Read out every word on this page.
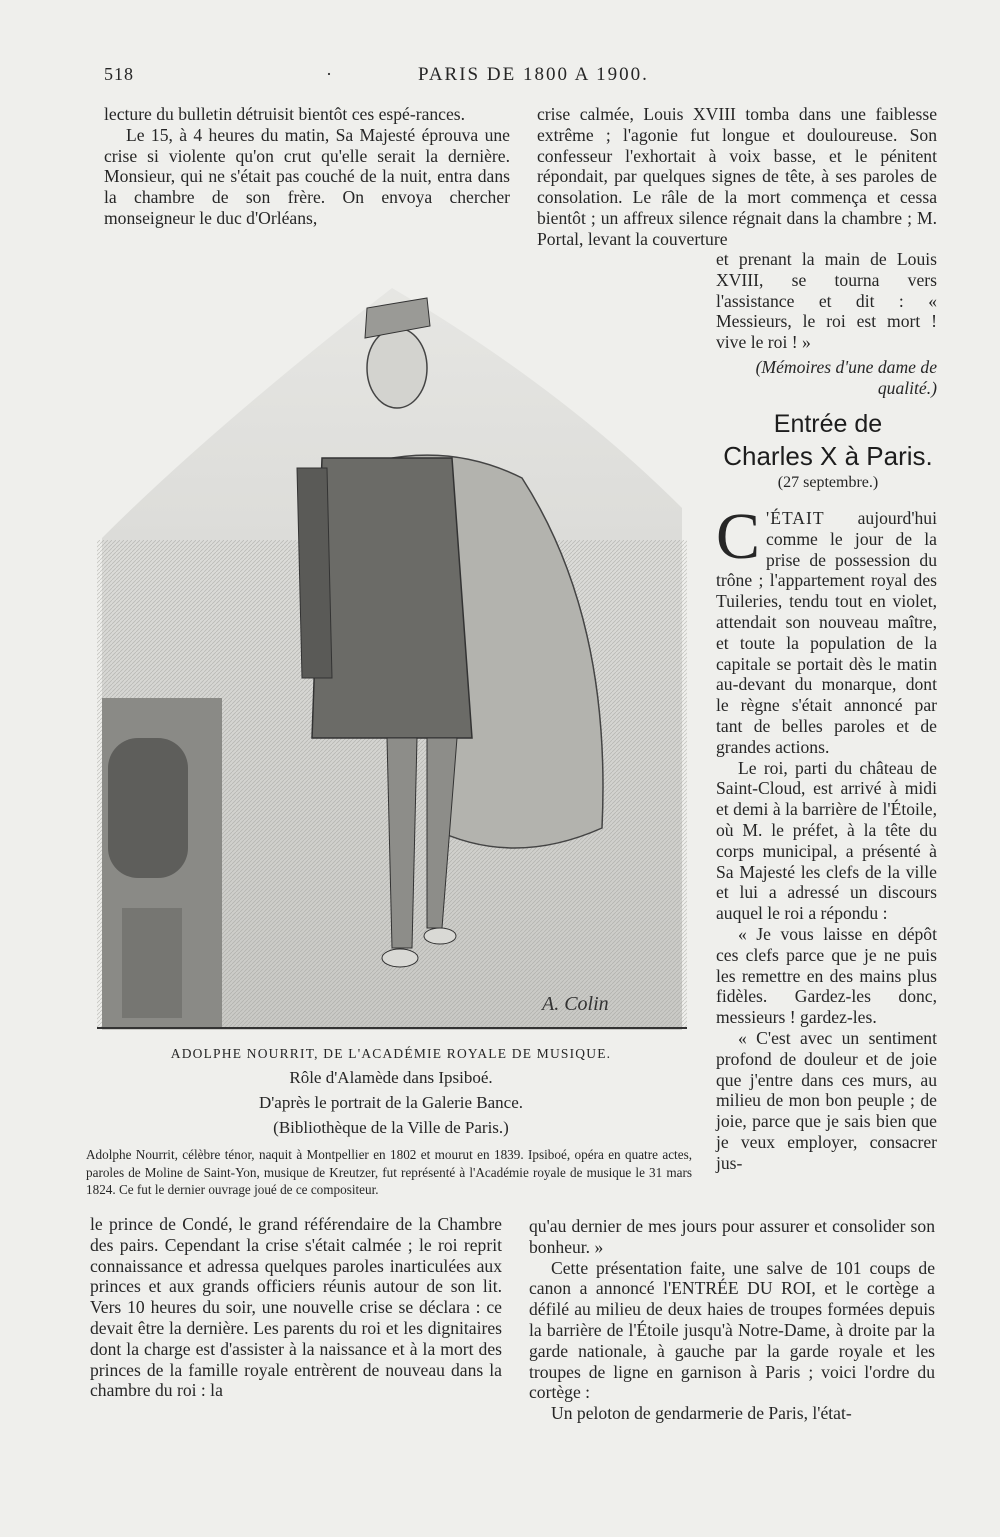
518	·	PARIS DE 1800 A 1900.

lecture du bulletin détruisit bientôt ces espé-rances.

Le 15, à 4 heures du matin, Sa Majesté éprouva une crise si violente qu'on crut qu'elle serait la dernière. Monsieur, qui ne s'était pas couché de la nuit, entra dans la chambre de son frère. On envoya chercher monseigneur le duc d'Orléans,

crise calmée, Louis XVIII tomba dans une faiblesse extrême ; l'agonie fut longue et douloureuse. Son confesseur l'exhortait à voix basse, et le pénitent répondait, par quelques signes de tête, à ses paroles de consolation. Le râle de la mort commença et cessa bientôt ; un affreux silence régnait dans la chambre ; M. Portal, levant la couverture

et prenant la main de Louis XVIII, se tourna vers l'assistance et dit : « Messieurs, le roi est mort ! vive le roi ! »

(Mémoires d'une dame de qualité.)

Entrée de
Charles X à Paris.
(27 septembre.)

C 'ÉTAIT aujourd'hui comme le jour de la prise de possession du trône ; l'appartement royal des Tuileries, tendu tout en violet, attendait son nouveau maître, et toute la population de la capitale se portait dès le matin au-devant du monarque, dont le règne s'était annoncé par tant de belles paroles et de grandes actions.

Le roi, parti du château de Saint-Cloud, est arrivé à midi et demi à la barrière de l'Étoile, où M. le préfet, à la tête du corps municipal, a présenté à Sa Majesté les clefs de la ville et lui a adressé un discours auquel le roi a répondu :

« Je vous laisse en dépôt ces clefs parce que je ne puis les remettre en des mains plus fidèles. Gardez-les donc, messieurs ! gardez-les.

« C'est avec un sentiment profond de douleur et de joie que j'entre dans ces murs, au milieu de mon bon peuple ; de joie, parce que je sais bien que je veux employer, consacrer jus-

A. Colin
ADOLPHE NOURRIT, DE L'ACADÉMIE ROYALE DE MUSIQUE.
Rôle d'Alamède dans Ipsiboé.
D'après le portrait de la Galerie Bance.
(Bibliothèque de la Ville de Paris.)
Adolphe Nourrit, célèbre ténor, naquit à Montpellier en 1802 et mourut en 1839. Ipsiboé, opéra en quatre actes, paroles de Moline de Saint-Yon, musique de Kreutzer, fut représenté à l'Académie royale de musique le 31 mars 1824. Ce fut le dernier ouvrage joué de ce compositeur.

le prince de Condé, le grand référendaire de la Chambre des pairs. Cependant la crise s'était calmée ; le roi reprit connaissance et adressa quelques paroles inarticulées aux princes et aux grands officiers réunis autour de son lit. Vers 10 heures du soir, une nouvelle crise se déclara : ce devait être la dernière. Les parents du roi et les dignitaires dont la charge est d'assister à la naissance et à la mort des princes de la famille royale entrèrent de nouveau dans la chambre du roi : la

qu'au dernier de mes jours pour assurer et consolider son bonheur. »

Cette présentation faite, une salve de 101 coups de canon a annoncé l'ENTRÉE DU ROI, et le cortège a défilé au milieu de deux haies de troupes formées depuis la barrière de l'Étoile jusqu'à Notre-Dame, à droite par la garde nationale, à gauche par la garde royale et les troupes de ligne en garnison à Paris ; voici l'ordre du cortège :

Un peloton de gendarmerie de Paris, l'état-
